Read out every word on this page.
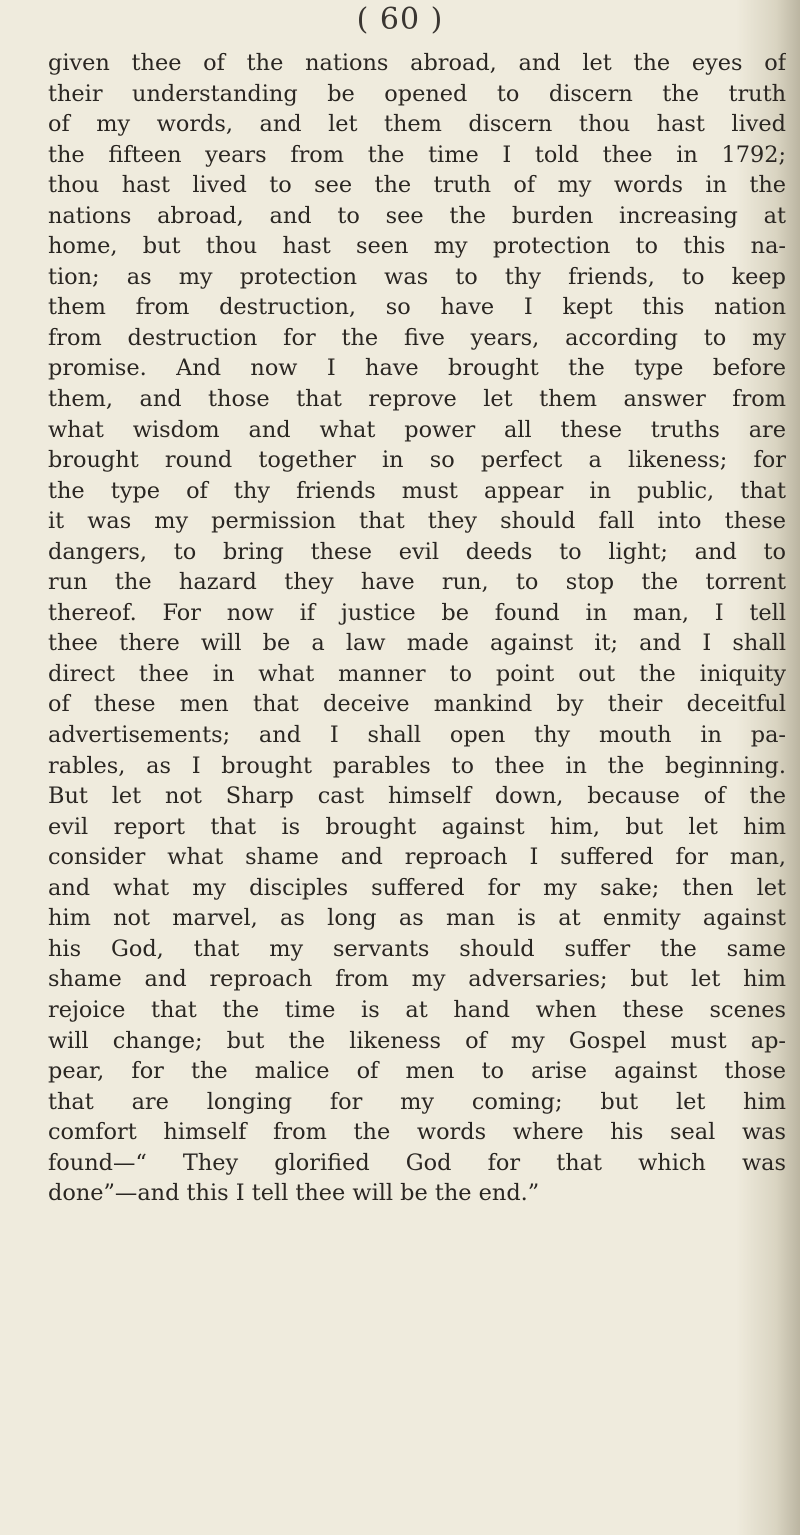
( 60 )
given thee of the nations abroad, and let the eyes of
their understanding be opened to discern the truth
of my words, and let them discern thou hast lived
the fifteen years from the time I told thee in 1792;
thou hast lived to see the truth of my words in the
nations abroad, and to see the burden increasing at
home, but thou hast seen my protection to this na-
tion; as my protection was to thy friends, to keep
them from destruction, so have I kept this nation
from destruction for the five years, according to my
promise. And now I have brought the type before
them, and those that reprove let them answer from
what wisdom and what power all these truths are
brought round together in so perfect a likeness; for
the type of thy friends must appear in public, that
it was my permission that they should fall into these
dangers, to bring these evil deeds to light; and to
run the hazard they have run, to stop the torrent
thereof. For now if justice be found in man, I tell
thee there will be a law made against it; and I shall
direct thee in what manner to point out the iniquity
of these men that deceive mankind by their deceitful
advertisements; and I shall open thy mouth in pa-
rables, as I brought parables to thee in the beginning.
But let not Sharp cast himself down, because of the
evil report that is brought against him, but let him
consider what shame and reproach I suffered for man,
and what my disciples suffered for my sake; then let
him not marvel, as long as man is at enmity against
his God, that my servants should suffer the same
shame and reproach from my adversaries; but let him
rejoice that the time is at hand when these scenes
will change; but the likeness of my Gospel must ap-
pear, for the malice of men to arise against those
that are longing for my coming; but let him
comfort himself from the words where his seal was
found—“ They glorified God for that which was
done”—and this I tell thee will be the end.”
